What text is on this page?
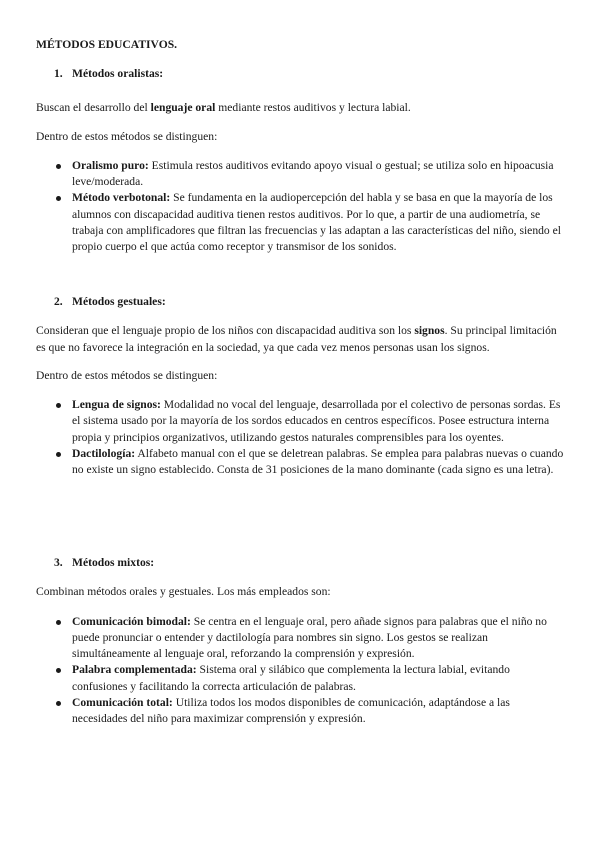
MÉTODOS EDUCATIVOS.
1. Métodos oralistas:

Buscan el desarrollo del lenguaje oral mediante restos auditivos y lectura labial.

Dentro de estos métodos se distinguen:

Oralismo puro: Estimula restos auditivos evitando apoyo visual o gestual; se utiliza solo en hipoacusia leve/moderada.
Método verbotonal: Se fundamenta en la audiopercepción del habla y se basa en que la mayoría de los alumnos con discapacidad auditiva tienen restos auditivos. Por lo que, a partir de una audiometría, se trabaja con amplificadores que filtran las frecuencias y las adaptan a las características del niño, siendo el propio cuerpo el que actúa como receptor y transmisor de los sonidos.
2. Métodos gestuales:

Consideran que el lenguaje propio de los niños con discapacidad auditiva son los signos. Su principal limitación es que no favorece la integración en la sociedad, ya que cada vez menos personas usan los signos.

Dentro de estos métodos se distinguen:

Lengua de signos: Modalidad no vocal del lenguaje, desarrollada por el colectivo de personas sordas. Es el sistema usado por la mayoría de los sordos educados en centros específicos. Posee estructura interna propia y principios organizativos, utilizando gestos naturales comprensibles para los oyentes.
Dactilología: Alfabeto manual con el que se deletrean palabras. Se emplea para palabras nuevas o cuando no existe un signo establecido. Consta de 31 posiciones de la mano dominante (cada signo es una letra).
3. Métodos mixtos:

Combinan métodos orales y gestuales. Los más empleados son:

Comunicación bimodal: Se centra en el lenguaje oral, pero añade signos para palabras que el niño no puede pronunciar o entender y dactilología para nombres sin signo. Los gestos se realizan simultáneamente al lenguaje oral, reforzando la comprensión y expresión.
Palabra complementada: Sistema oral y silábico que complementa la lectura labial, evitando confusiones y facilitando la correcta articulación de palabras.
Comunicación total: Utiliza todos los modos disponibles de comunicación, adaptándose a las necesidades del niño para maximizar comprensión y expresión.
